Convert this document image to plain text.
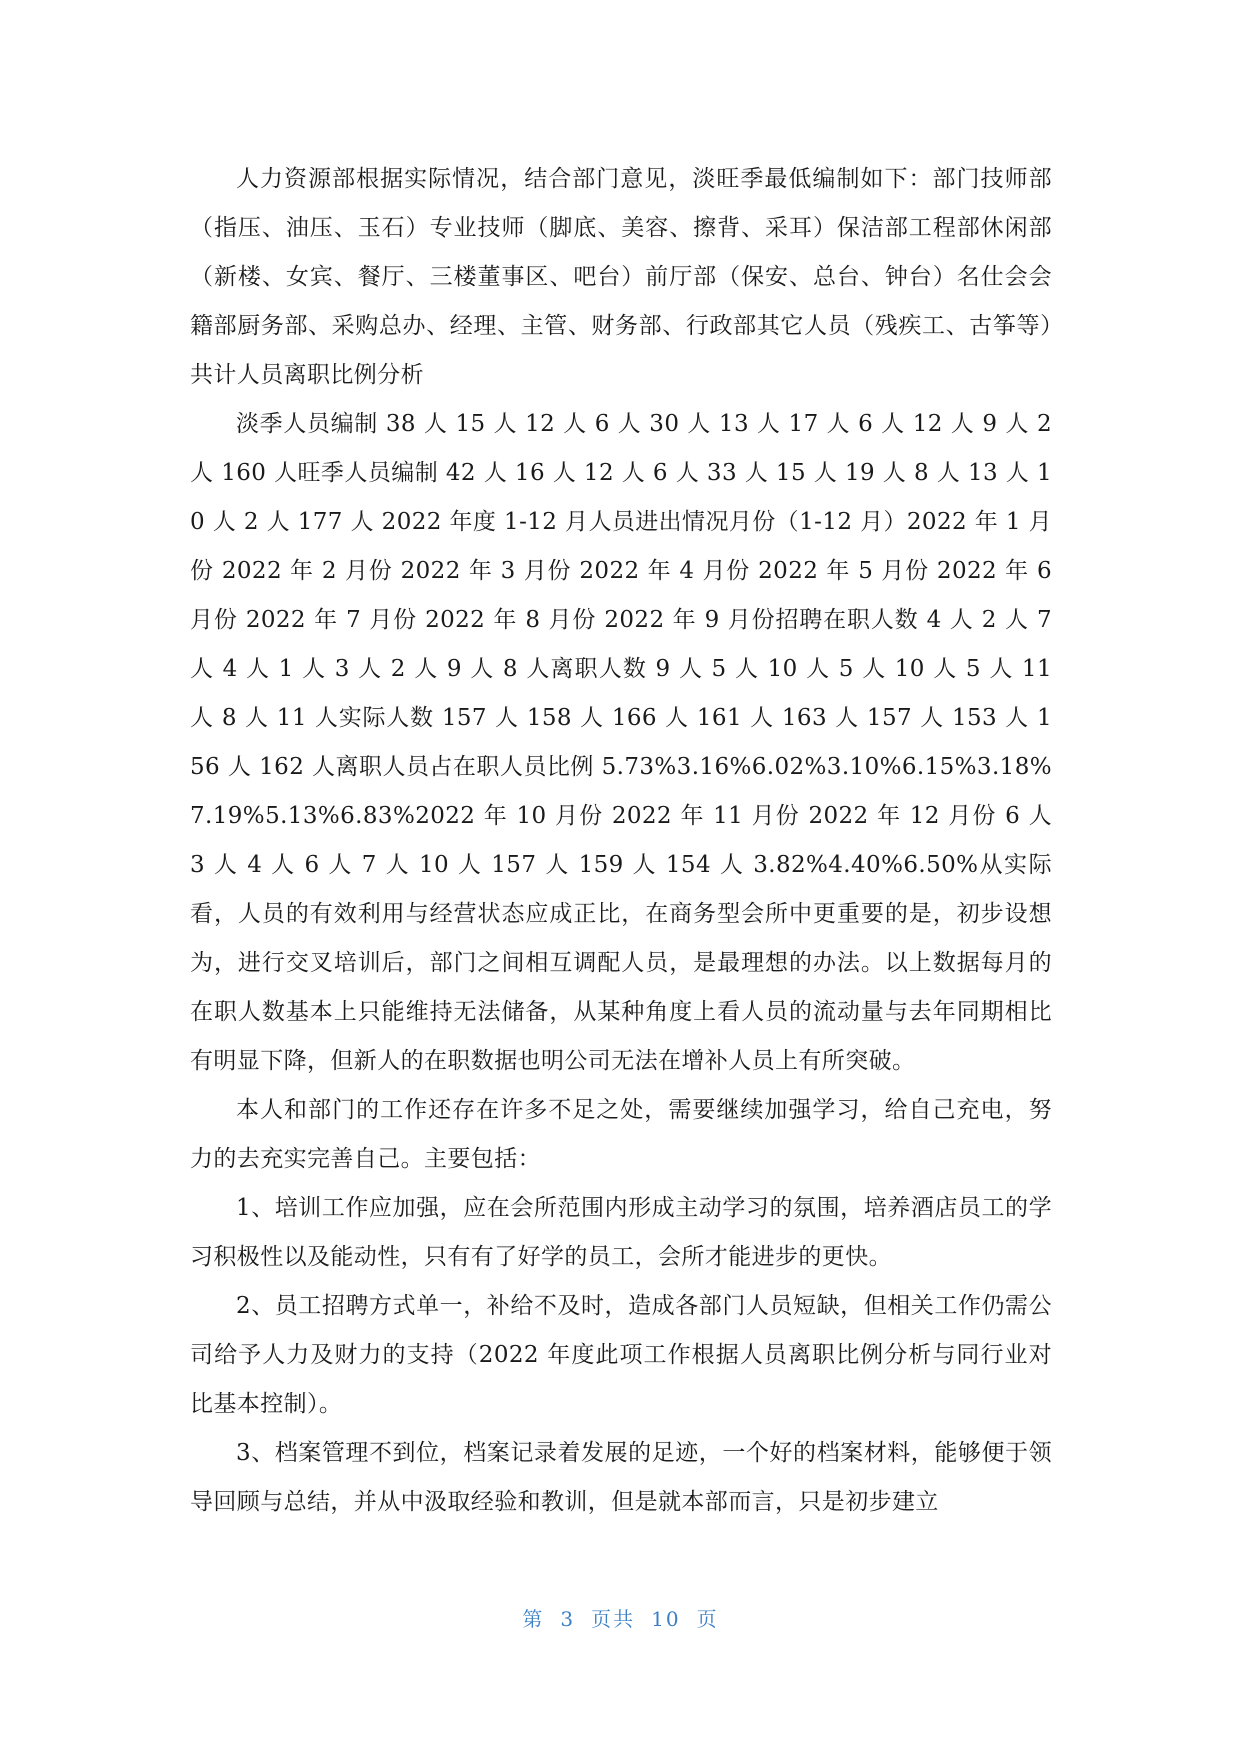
人力资源部根据实际情况，结合部门意见，淡旺季最低编制如下：部门技师部（指压、油压、玉石）专业技师（脚底、美容、擦背、采耳）保洁部工程部休闲部（新楼、女宾、餐厅、三楼董事区、吧台）前厅部（保安、总台、钟台）名仕会会籍部厨务部、采购总办、经理、主管、财务部、行政部其它人员（残疾工、古筝等）共计人员离职比例分析

淡季人员编制 38 人 15 人 12 人 6 人 30 人 13 人 17 人 6 人 12 人 9 人 2 人 160 人旺季人员编制 42 人 16 人 12 人 6 人 33 人 15 人 19 人 8 人 13 人 10 人 2 人 177 人 2022 年度 1-12 月人员进出情况月份（1-12 月）2022 年 1 月份 2022 年 2 月份 2022 年 3 月份 2022 年 4 月份 2022 年 5 月份 2022 年 6 月份 2022 年 7 月份 2022 年 8 月份 2022 年 9 月份招聘在职人数 4 人 2 人 7 人 4 人 1 人 3 人 2 人 9 人 8 人离职人数 9 人 5 人 10 人 5 人 10 人 5 人 11 人 8 人 11 人实际人数 157 人 158 人 166 人 161 人 163 人 157 人 153 人 156 人 162 人离职人员占在职人员比例 5.73%3.16%6.02%3.10%6.15%3.18%7.19%5.13%6.83%2022 年 10 月份 2022 年 11 月份 2022 年 12 月份 6 人 3 人 4 人 6 人 7 人 10 人 157 人 159 人 154 人 3.82%4.40%6.50%从实际看，人员的有效利用与经营状态应成正比，在商务型会所中更重要的是，初步设想为，进行交叉培训后，部门之间相互调配人员，是最理想的办法。以上数据每月的在职人数基本上只能维持无法储备，从某种角度上看人员的流动量与去年同期相比有明显下降，但新人的在职数据也明公司无法在增补人员上有所突破。

本人和部门的工作还存在许多不足之处，需要继续加强学习，给自己充电，努力的去充实完善自己。主要包括：

1、培训工作应加强，应在会所范围内形成主动学习的氛围，培养酒店员工的学习积极性以及能动性，只有有了好学的员工，会所才能进步的更快。

2、员工招聘方式单一，补给不及时，造成各部门人员短缺，但相关工作仍需公司给予人力及财力的支持（2022 年度此项工作根据人员离职比例分析与同行业对比基本控制）。

3、档案管理不到位，档案记录着发展的足迹，一个好的档案材料，能够便于领导回顾与总结，并从中汲取经验和教训，但是就本部而言，只是初步建立

第 3 页共 10 页
